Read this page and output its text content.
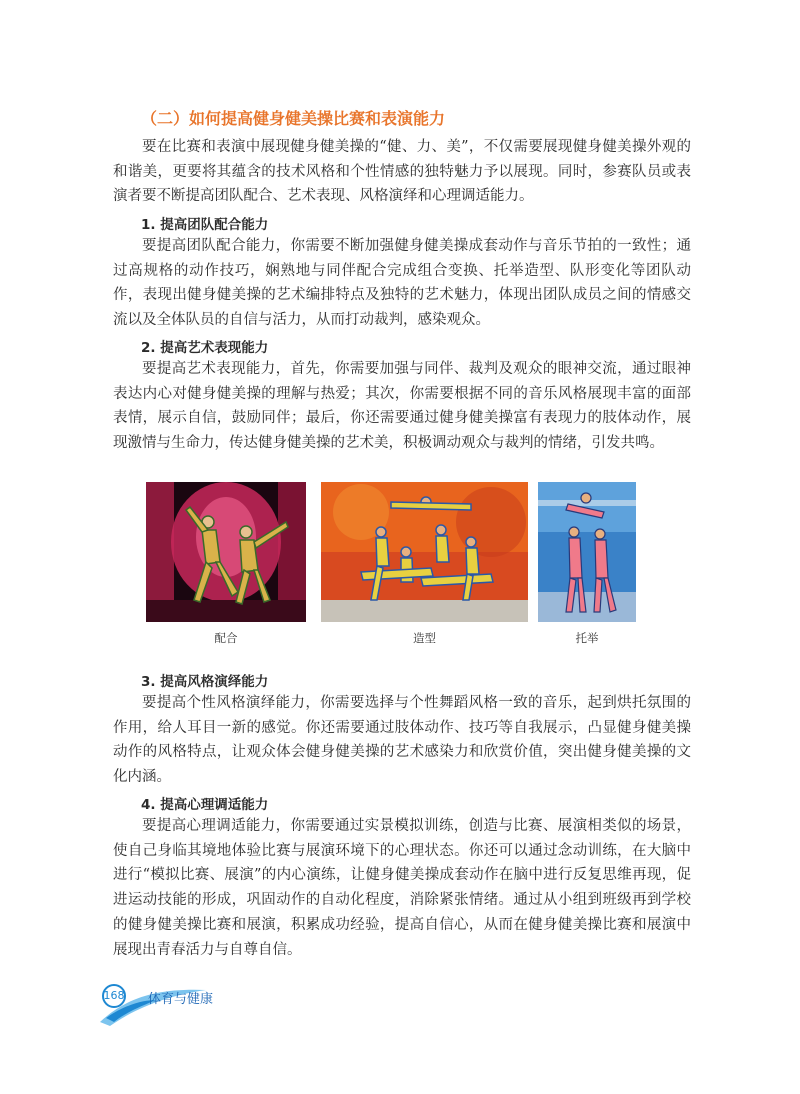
（二）如何提高健身健美操比赛和表演能力

要在比赛和表演中展现健身健美操的“健、力、美”，不仅需要展现健身健美操外观的和谐美，更要将其蕴含的技术风格和个性情感的独特魅力予以展现。同时，参赛队员或表演者要不断提高团队配合、艺术表现、风格演绎和心理调适能力。

1. 提高团队配合能力

要提高团队配合能力，你需要不断加强健身健美操成套动作与音乐节拍的一致性；通过高规格的动作技巧，娴熟地与同伴配合完成组合变换、托举造型、队形变化等团队动作，表现出健身健美操的艺术编排特点及独特的艺术魅力，体现出团队成员之间的情感交流以及全体队员的自信与活力，从而打动裁判，感染观众。

2. 提高艺术表现能力

要提高艺术表现能力，首先，你需要加强与同伴、裁判及观众的眼神交流，通过眼神表达内心对健身健美操的理解与热爱；其次，你需要根据不同的音乐风格展现丰富的面部表情，展示自信，鼓励同伴；最后，你还需要通过健身健美操富有表现力的肢体动作，展现激情与生命力，传达健身健美操的艺术美，积极调动观众与裁判的情绪，引发共鸣。

配合	造型	托举
3. 提高风格演绎能力

要提高个性风格演绎能力，你需要选择与个性舞蹈风格一致的音乐，起到烘托氛围的作用，给人耳目一新的感觉。你还需要通过肢体动作、技巧等自我展示，凸显健身健美操动作的风格特点，让观众体会健身健美操的艺术感染力和欣赏价值，突出健身健美操的文化内涵。

4. 提高心理调适能力

要提高心理调适能力，你需要通过实景模拟训练，创造与比赛、展演相类似的场景，使自己身临其境地体验比赛与展演环境下的心理状态。你还可以通过念动训练，在大脑中进行“模拟比赛、展演”的内心演练，让健身健美操成套动作在脑中进行反复思维再现，促进运动技能的形成，巩固动作的自动化程度，消除紧张情绪。通过从小组到班级再到学校的健身健美操比赛和展演，积累成功经验，提高自信心，从而在健身健美操比赛和展演中展现出青春活力与自尊自信。

168 体育与健康
